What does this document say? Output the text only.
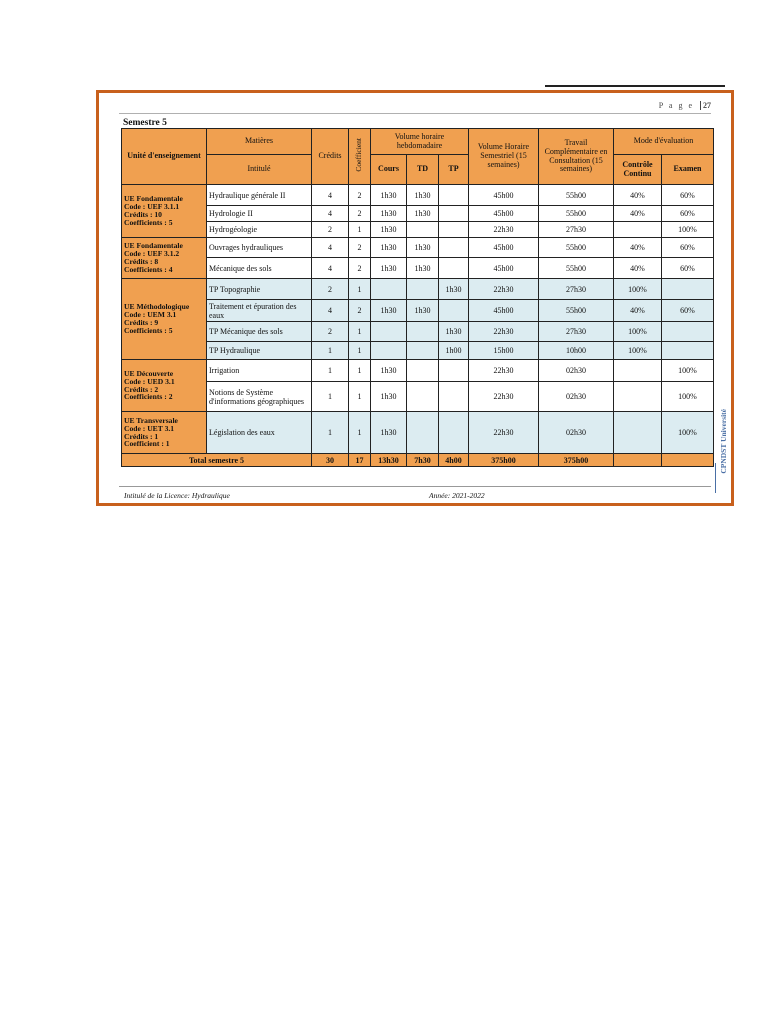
P a g e 27
Semestre 5
Unité d'enseignement	Matières	Crédits	Coefficient	Volume horaire hebdomadaire			Volume Horaire Semestriel (15 semaines)	Travail Complémentaire en Consultation (15 semaines)	Mode d'évaluation	
	Intitulé			Cours	TD	TP			Contrôle Continu	Examen
UE Fondamentale
Code : UEF 3.1.1
Crédits : 10
Coefficients : 5	Hydraulique générale II	4	2	1h30	1h30		45h00	55h00	40%	60%
	Hydrologie II	4	2	1h30	1h30		45h00	55h00	40%	60%
	Hydrogéologie	2	1	1h30			22h30	27h30		100%
UE Fondamentale
Code : UEF 3.1.2
Crédits : 8
Coefficients : 4	Ouvrages hydrauliques	4	2	1h30	1h30		45h00	55h00	40%	60%
	Mécanique des sols	4	2	1h30	1h30		45h00	55h00	40%	60%
UE Méthodologique
Code : UEM 3.1
Crédits : 9
Coefficients : 5	TP Topographie	2	1			1h30	22h30	27h30	100%	
	Traitement et épuration des eaux	4	2	1h30	1h30		45h00	55h00	40%	60%
	TP Mécanique des sols	2	1			1h30	22h30	27h30	100%	
	TP Hydraulique	1	1			1h00	15h00	10h00	100%	
UE Découverte
Code : UED 3.1
Crédits : 2
Coefficients : 2	Irrigation	1	1	1h30			22h30	02h30		100%
	Notions de Système d'informations géographiques	1	1	1h30			22h30	02h30		100%
UE Transversale
Code : UET 3.1
Crédits : 1
Coefficient : 1	Législation des eaux	1	1	1h30			22h30	02h30		100%
Total semestre 5		30	17	13h30	7h30	4h00	375h00	375h00			CPNDST Université
Intitulé de la Licence: Hydraulique	Année: 2021-2022
